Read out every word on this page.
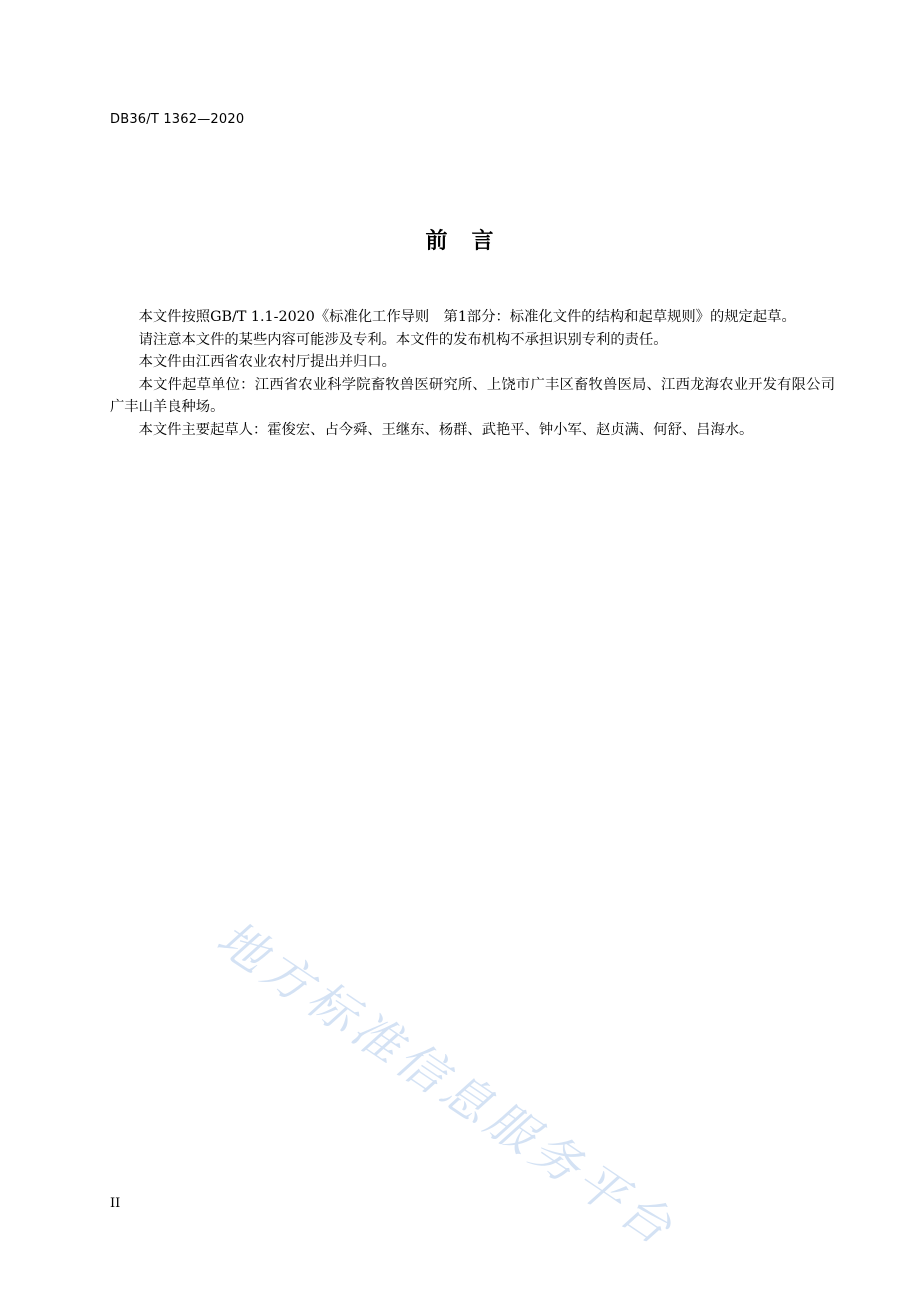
DB36/T 1362—2020
前　言

本文件按照GB/T 1.1-2020《标准化工作导则　第1部分：标准化文件的结构和起草规则》的规定起草。

请注意本文件的某些内容可能涉及专利。本文件的发布机构不承担识别专利的责任。

本文件由江西省农业农村厅提出并归口。

本文件起草单位：江西省农业科学院畜牧兽医研究所、上饶市广丰区畜牧兽医局、江西龙海农业开发有限公司广丰山羊良种场。

本文件主要起草人：霍俊宏、占今舜、王继东、杨群、武艳平、钟小军、赵贞满、何舒、吕海水。

地方标准信息服务平台
II
